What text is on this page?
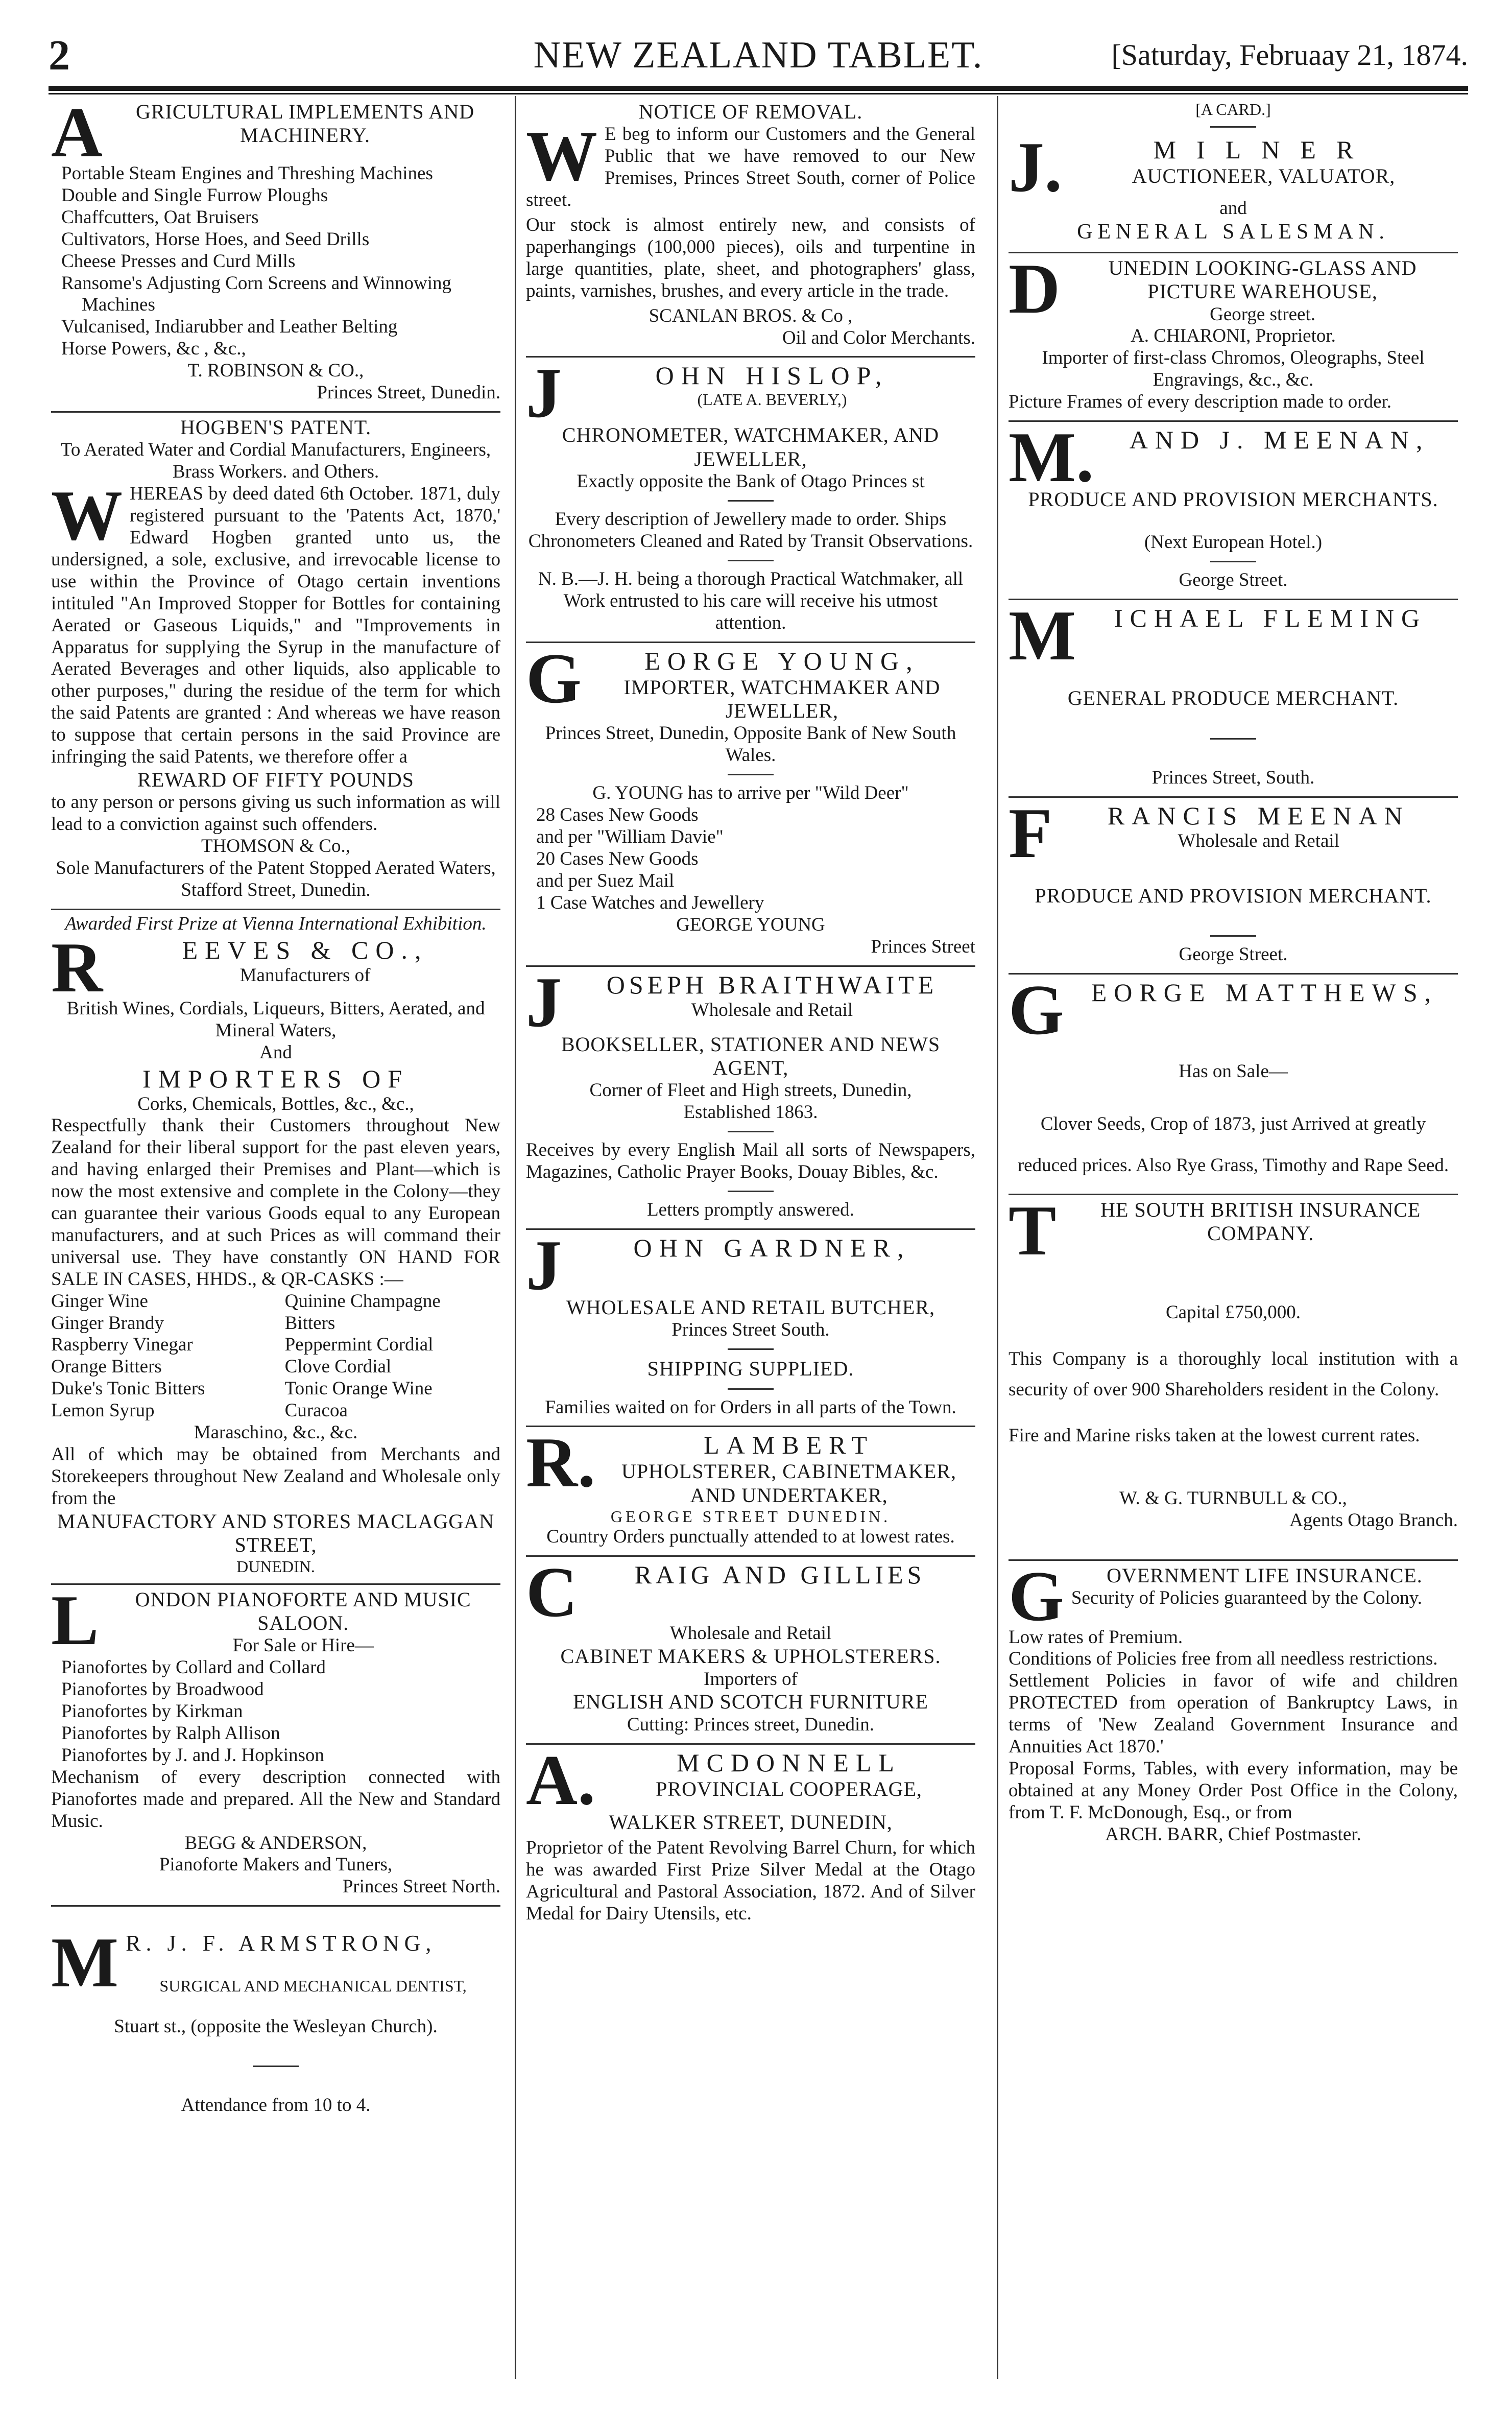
2	NEW ZEALAND TABLET.	[Saturday, Februaay 21, 1874.
A	GRICULTURAL IMPLEMENTS AND MACHINERY.
Portable Steam Engines and Threshing Machines
Double and Single Furrow Ploughs
Chaffcutters, Oat Bruisers
Cultivators, Horse Hoes, and Seed Drills
Cheese Presses and Curd Mills
Ransome's Adjusting Corn Screens and Winnowing Machines
Vulcanised, Indiarubber and Leather Belting
Horse Powers, &c , &c.,
T. ROBINSON & CO.,
Princes Street, Dunedin.
HOGBEN'S PATENT.
To Aerated Water and Cordial Manufacturers, Engineers, Brass Workers. and Others.
W HEREAS by deed dated 6th October. 1871, duly registered pursuant to the 'Patents Act, 1870,' Edward Hogben granted unto us, the undersigned, a sole, exclusive, and irrevocable license to use within the Province of Otago certain inventions intituled "An Improved Stopper for Bottles for containing Aerated or Gaseous Liquids," and "Improvements in Apparatus for supplying the Syrup in the manufacture of Aerated Beverages and other liquids, also applicable to other purposes," during the residue of the term for which the said Patents are granted : And whereas we have reason to suppose that certain persons in the said Province are infringing the said Patents, we therefore offer a
REWARD OF FIFTY POUNDS
to any person or persons giving us such information as will lead to a conviction against such offenders.
THOMSON & Co.,
Sole Manufacturers of the Patent Stopped Aerated Waters, Stafford Street, Dunedin.
Awarded First Prize at Vienna International Exhibition.
R	EEVES & CO.,
Manufacturers of
British Wines, Cordials, Liqueurs, Bitters, Aerated, and Mineral Waters,
And
IMPORTERS OF
Corks, Chemicals, Bottles, &c., &c.,
Respectfully thank their Customers throughout New Zealand for their liberal support for the past eleven years, and having enlarged their Premises and Plant—which is now the most extensive and complete in the Colony—they can guarantee their various Goods equal to any European manufacturers, and at such Prices as will command their universal use. They have constantly ON HAND FOR SALE IN CASES, HHDS., & QR-CASKS :—
Ginger Wine	Quinine Champagne
Ginger Brandy	Bitters
Raspberry Vinegar	Peppermint Cordial
Orange Bitters	Clove Cordial
Duke's Tonic Bitters	Tonic Orange Wine
Lemon Syrup	Curacoa
Maraschino, &c., &c.
All of which may be obtained from Merchants and Storekeepers throughout New Zealand and Wholesale only from the
MANUFACTORY AND STORES MACLAGGAN STREET,
DUNEDIN.
L	ONDON PIANOFORTE AND MUSIC SALOON.
For Sale or Hire—
Pianofortes by Collard and Collard
Pianofortes by Broadwood
Pianofortes by Kirkman
Pianofortes by Ralph Allison
Pianofortes by J. and J. Hopkinson
Mechanism of every description connected with Pianofortes made and prepared. All the New and Standard Music.
BEGG & ANDERSON,
Pianoforte Makers and Tuners,
Princes Street North.
M R. J. F. ARMSTRONG,
SURGICAL AND MECHANICAL DENTIST,
Stuart st., (opposite the Wesleyan Church).
Attendance from 10 to 4.
NOTICE OF REMOVAL.
W E beg to inform our Customers and the General Public that we have removed to our New Premises, Princes Street South, corner of Police street.
Our stock is almost entirely new, and consists of paperhangings (100,000 pieces), oils and turpentine in large quantities, plate, sheet, and photographers' glass, paints, varnishes, brushes, and every article in the trade.
SCANLAN BROS. & Co ,
Oil and Color Merchants.
J	OHN HISLOP,
(LATE A. BEVERLY,)
CHRONOMETER, WATCHMAKER, AND JEWELLER,
Exactly opposite the Bank of Otago Princes st
Every description of Jewellery made to order. Ships Chronometers Cleaned and Rated by Transit Observations.
N. B.—J. H. being a thorough Practical Watchmaker, all Work entrusted to his care will receive his utmost attention.
G	EORGE YOUNG,
IMPORTER, WATCHMAKER AND JEWELLER,
Princes Street, Dunedin, Opposite Bank of New South Wales.
G. YOUNG has to arrive per "Wild Deer"
28 Cases New Goods
and per "William Davie"
20 Cases New Goods
and per Suez Mail
1 Case Watches and Jewellery
GEORGE YOUNG
Princes Street
J	OSEPH BRAITHWAITE
Wholesale and Retail
BOOKSELLER, STATIONER AND NEWS AGENT,
Corner of Fleet and High streets, Dunedin,
Established 1863.
Receives by every English Mail all sorts of Newspapers, Magazines, Catholic Prayer Books, Douay Bibles, &c.
Letters promptly answered.
J	OHN GARDNER,
WHOLESALE AND RETAIL BUTCHER,
Princes Street South.
SHIPPING SUPPLIED.
Families waited on for Orders in all parts of the Town.
R.	LAMBERT
UPHOLSTERER, CABINETMAKER, AND UNDERTAKER,
GEORGE STREET DUNEDIN.
Country Orders punctually attended to at lowest rates.
C	RAIG AND GILLIES
Wholesale and Retail
CABINET MAKERS & UPHOLSTERERS.
Importers of
ENGLISH AND SCOTCH FURNITURE
Cutting: Princes street, Dunedin.
A.	MCDONNELL
PROVINCIAL COOPERAGE,
WALKER STREET, DUNEDIN,
Proprietor of the Patent Revolving Barrel Churn, for which he was awarded First Prize Silver Medal at the Otago Agricultural and Pastoral Association, 1872. And of Silver Medal for Dairy Utensils, etc.
[A CARD.]
J.	MILNER
AUCTIONEER, VALUATOR,
and
GENERAL SALESMAN.
D	UNEDIN LOOKING-GLASS AND PICTURE WAREHOUSE,
George street.
A. CHIARONI, Proprietor.
Importer of first-class Chromos, Oleographs, Steel Engravings, &c., &c.
Picture Frames of every description made to order.
M.	AND J. MEENAN,
PRODUCE AND PROVISION MERCHANTS.
(Next European Hotel.)
George Street.
M	ICHAEL FLEMING
GENERAL PRODUCE MERCHANT.
Princes Street, South.
F	RANCIS MEENAN
Wholesale and Retail
PRODUCE AND PROVISION MERCHANT.
George Street.
G	EORGE MATTHEWS,
Has on Sale—
Clover Seeds, Crop of 1873, just Arrived at greatly reduced prices. Also Rye Grass, Timothy and Rape Seed.
T	HE SOUTH BRITISH INSURANCE COMPANY.
Capital £750,000.
This Company is a thoroughly local institution with a security of over 900 Shareholders resident in the Colony.
Fire and Marine risks taken at the lowest current rates.
W. & G. TURNBULL & CO.,
Agents Otago Branch.
G	OVERNMENT LIFE INSURANCE.
Security of Policies guaranteed by the Colony.
Low rates of Premium.
Conditions of Policies free from all needless restrictions.
Settlement Policies in favor of wife and children PROTECTED from operation of Bankruptcy Laws, in terms of 'New Zealand Government Insurance and Annuities Act 1870.'
Proposal Forms, Tables, with every information, may be obtained at any Money Order Post Office in the Colony, from T. F. McDonough, Esq., or from
ARCH. BARR, Chief Postmaster.
